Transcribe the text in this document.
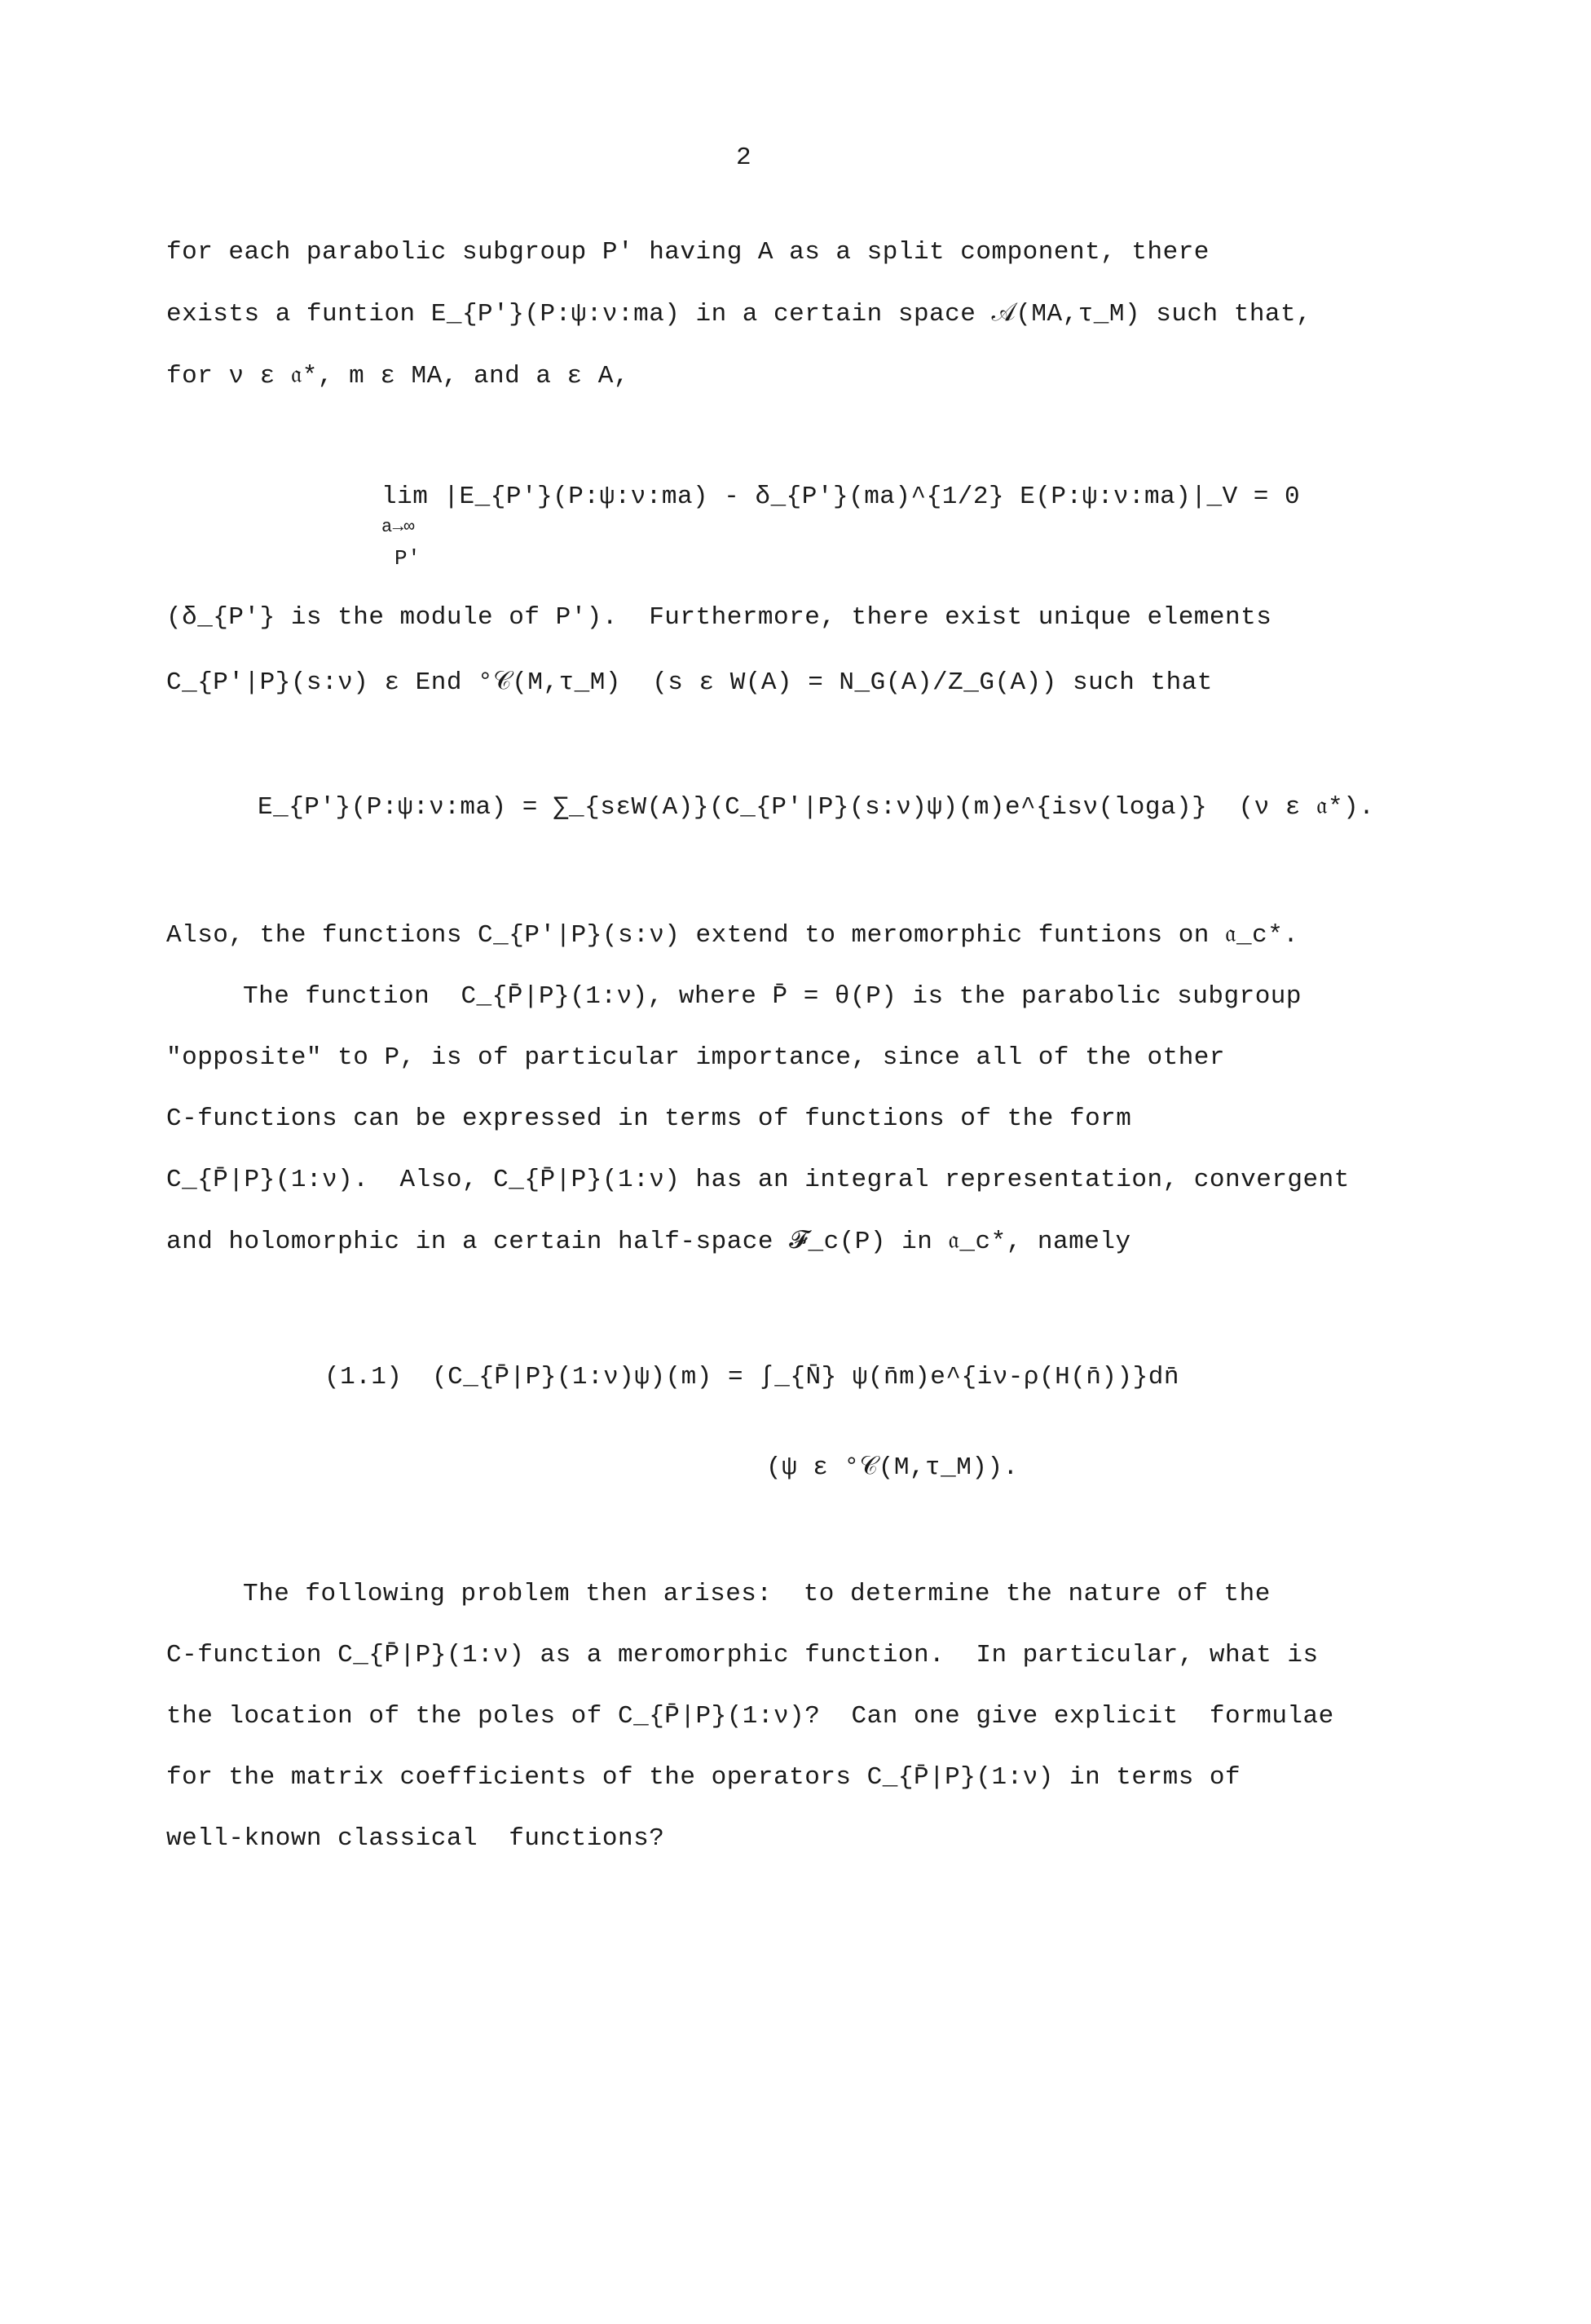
2
for each parabolic subgroup P' having A as a split component, there
exists a funtion E_{P'}(P:ψ:ν:ma) in a certain space 𝒜(MA,τ_M) such that,
for ν ε 𝔞*, m ε MA, and a ε A,
lim |E_{P'}(P:ψ:ν:ma) - δ_{P'}(ma)^{1/2} E(P:ψ:ν:ma)|_V = 0
a→∞
P'
(δ_{P'} is the module of P').  Furthermore, there exist unique elements
C_{P'|P}(s:ν) ε End °𝒞(M,τ_M)  (s ε W(A) = N_G(A)/Z_G(A)) such that
E_{P'}(P:ψ:ν:ma) = ∑_{sεW(A)}(C_{P'|P}(s:ν)ψ)(m)e^{isν(loga)}  (ν ε 𝔞*).
Also, the functions C_{P'|P}(s:ν) extend to meromorphic funtions on 𝔞_c*.
The function  C_{P̄|P}(1:ν), where P̄ = θ(P) is the parabolic subgroup
"opposite" to P, is of particular importance, since all of the other
C-functions can be expressed in terms of functions of the form
C_{P̄|P}(1:ν).  Also, C_{P̄|P}(1:ν) has an integral representation, convergent
and holomorphic in a certain half-space 𝓕_c(P) in 𝔞_c*, namely
(1.1) (C_{P̄|P}(1:ν)ψ)(m) = ∫_{N̄} ψ(n̄m)e^{iν-ρ(H(n̄))}dn̄
(ψ ε °𝒞(M,τ_M)).
The following problem then arises:  to determine the nature of the
C-function C_{P̄|P}(1:ν) as a meromorphic function.  In particular, what is
the location of the poles of C_{P̄|P}(1:ν)?  Can one give explicit  formulae
for the matrix coefficients of the operators C_{P̄|P}(1:ν) in terms of
well-known classical  functions?
